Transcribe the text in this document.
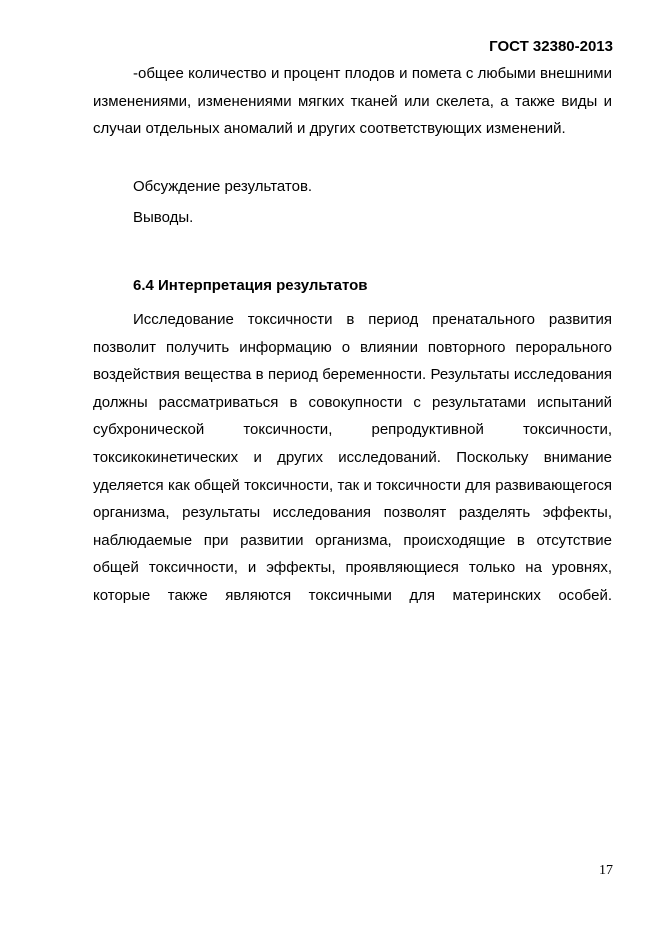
ГОСТ 32380-2013

-общее количество и процент плодов и помета с любыми внешними изменениями, изменениями мягких тканей или скелета, а также виды и случаи отдельных аномалий и других соответствующих изменений.

Обсуждение результатов.

Выводы.

6.4 Интерпретация результатов

Исследование токсичности в период пренатального развития позволит получить информацию о влиянии повторного перорального воздействия вещества в период беременности. Результаты исследования должны рассматриваться в совокупности с результатами испытаний субхронической токсичности, репродуктивной токсичности, токсикокинетических и других исследований. Поскольку внимание уделяется как общей токсичности, так и токсичности для развивающегося организма, результаты исследования позволят разделять эффекты, наблюдаемые при развитии организма, происходящие в отсутствие общей токсичности, и эффекты, проявляющиеся только на уровнях, которые также являются токсичными для материнских особей.

17
